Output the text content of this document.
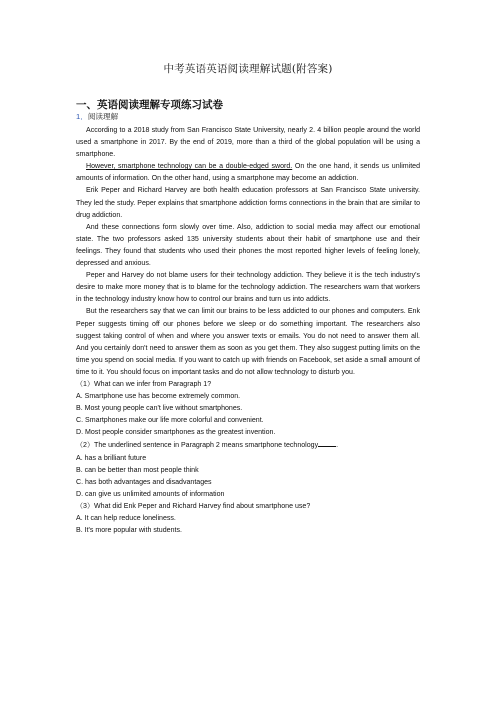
中考英语英语阅读理解试题(附答案)
一、英语阅读理解专项练习试卷
1．阅读理解

According to a 2018 study from San Francisco State University, nearly 2. 4 billion people around the world used a smartphone in 2017. By the end of 2019, more than a third of the global population will be using a smartphone.

However, smartphone technology can be a double-edged sword. On the one hand, it sends us unlimited amounts of information. On the other hand, using a smartphone may become an addiction.

Erik Peper and Richard Harvey are both health education professors at San Francisco State university. They led the study. Peper explains that smartphone addiction forms connections in the brain that are similar to drug addiction.

And these connections form slowly over time. Also, addiction to social media may affect our emotional state. The two professors asked 135 university students about their habit of smartphone use and their feelings. They found that students who used their phones the most reported higher levels of feeling lonely, depressed and anxious.

Peper and Harvey do not blame users for their technology addiction. They believe it is the tech industry's desire to make more money that is to blame for the technology addiction. The researchers warn that workers in the technology industry know how to control our brains and turn us into addicts.

But the researchers say that we can limit our brains to be less addicted to our phones and computers. Enk Peper suggests timing off our phones before we sleep or do something important. The researchers also suggest taking control of when and where you answer texts or emails. You do not need to answer them all. And you certainly don't need to answer them as soon as you get them. They also suggest putting limits on the time you spend on social media. If you want to catch up with friends on Facebook, set aside a small amount of time to it. You should focus on important tasks and do not allow technology to disturb you.

（1）What can we infer from Paragraph 1?

A. Smartphone use has become extremely common.

B. Most young people can't live without smartphones.

C. Smartphones make our life more colorful and convenient.

D. Most people consider smartphones as the greatest invention.

（2）The underlined sentence in Paragraph 2 means smartphone technology	.

A. has a brilliant future

B. can be better than most people think

C. has both advantages and disadvantages

D. can give us unlimited amounts of information

（3）What did Enk Peper and Richard Harvey find about smartphone use?

A. It can help reduce loneliness.

B. It's more popular with students.
